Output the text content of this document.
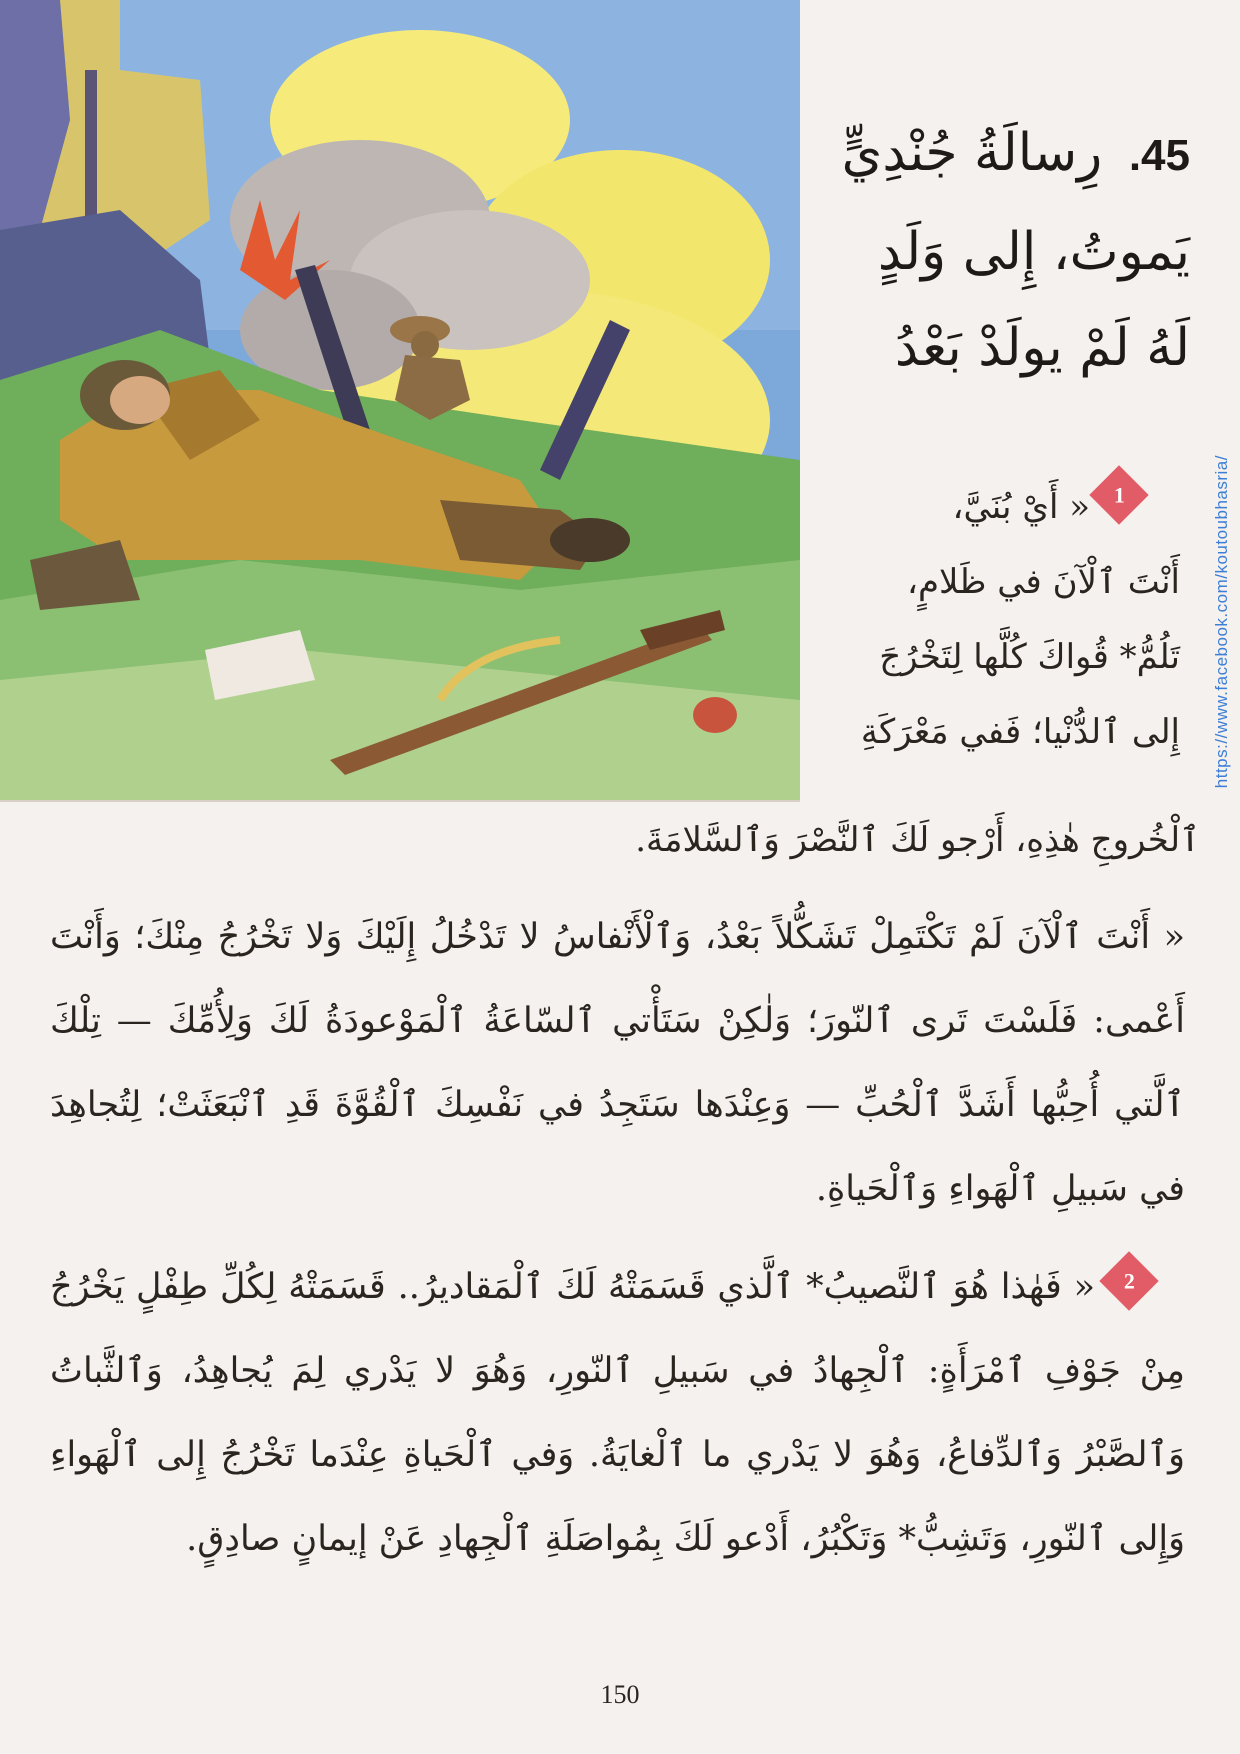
45. رِسالَةُ جُنْدِيٍّ
يَموتُ، إِلى وَلَدٍ
لَهُ لَمْ يولَدْ بَعْدُ
1
« أَيْ بُنَيَّ،
أَنْتَ ٱلْآنَ في ظَلامٍ،
تَلُمُّ* قُواكَ كُلَّها لِتَخْرُجَ
إِلى ٱلدُّنْيا؛ فَفي مَعْرَكَةِ
ٱلْخُروجِ هٰذِهِ، أَرْجو لَكَ ٱلنَّصْرَ وَٱلسَّلامَةَ.
« أَنْتَ ٱلْآنَ لَمْ تَكْتَمِلْ تَشَكُّلاً بَعْدُ، وَٱلْأَنْفاسُ لا تَدْخُلُ إِلَيْكَ وَلا تَخْرُجُ مِنْكَ؛ وَأَنْتَ أَعْمى: فَلَسْتَ تَرى ٱلنّورَ؛ وَلٰكِنْ سَتَأْتي ٱلسّاعَةُ ٱلْمَوْعودَةُ لَكَ وَلِأُمِّكَ — تِلْكَ ٱلَّتي أُحِبُّها أَشَدَّ ٱلْحُبِّ — وَعِنْدَها سَتَجِدُ في نَفْسِكَ ٱلْقُوَّةَ قَدِ ٱنْبَعَثَتْ؛ لِتُجاهِدَ في سَبيلِ ٱلْهَواءِ وَٱلْحَياةِ.
2
« فَهٰذا هُوَ ٱلنَّصيبُ* ٱلَّذي قَسَمَتْهُ لَكَ ٱلْمَقاديرُ.. قَسَمَتْهُ لِكُلِّ طِفْلٍ يَخْرُجُ مِنْ جَوْفِ ٱمْرَأَةٍ: ٱلْجِهادُ في سَبيلِ ٱلنّورِ، وَهُوَ لا يَدْري لِمَ يُجاهِدُ، وَٱلثَّباتُ وَٱلصَّبْرُ وَٱلدِّفاعُ، وَهُوَ لا يَدْري ما ٱلْغايَةُ. وَفي ٱلْحَياةِ عِنْدَما تَخْرُجُ إِلى ٱلْهَواءِ وَإِلى ٱلنّورِ، وَتَشِبُّ* وَتَكْبُرُ، أَدْعو لَكَ بِمُواصَلَةِ ٱلْجِهادِ عَنْ إيمانٍ صادِقٍ.
https://www.facebook.com/koutoubhasria/
150
